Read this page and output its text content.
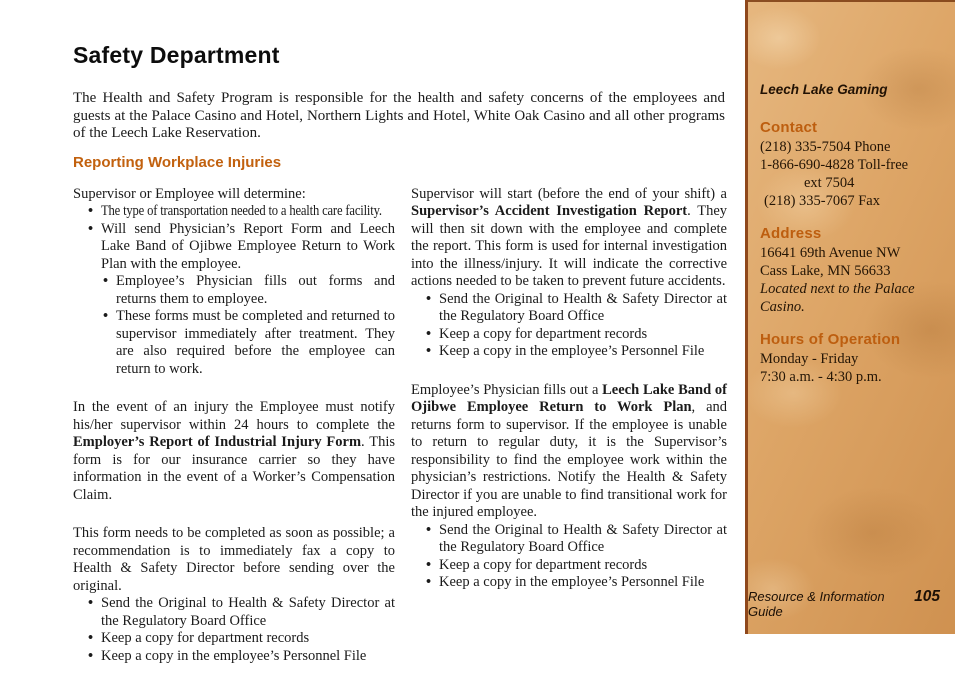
Safety Department

The Health and Safety Program is responsible for the health and safety concerns of the employees and guests at the Palace Casino and Hotel, Northern Lights and Hotel, White Oak Casino and all other programs of the Leech Lake Reservation.

Reporting Workplace Injuries

Supervisor or Employee will determine:

• The type of transportation needed to a health care facility.
• Will send Physician’s Report Form and Leech Lake Band of Ojibwe Employee Return to Work Plan with the employee.
• Employee’s Physician fills out forms and returns them to employee.
• These forms must be completed and returned to supervisor immediately after treatment. They are also required before the employee can return to work.

In the event of an injury the Employee must notify his/her supervisor within 24 hours to complete the Employer’s Report of Industrial Injury Form. This form is for our insurance carrier so they have information in the event of a Worker’s Compensation Claim.

This form needs to be completed as soon as possible; a recommendation is to immediately fax a copy to Health & Safety Director before sending over the original.

• Send the Original to Health & Safety Director at the Regulatory Board Office
• Keep a copy for department records
• Keep a copy in the employee’s Personnel File

Supervisor will start (before the end of your shift) a Supervisor’s Accident Investigation Report. They will then sit down with the employee and complete the report. This form is used for internal investigation into the illness/injury. It will indicate the corrective actions needed to be taken to prevent future accidents.

• Send the Original to Health & Safety Director at the Regulatory Board Office
• Keep a copy for department records
• Keep a copy in the employee’s Personnel File

Employee’s Physician fills out a Leech Lake Band of Ojibwe Employee Return to Work Plan, and returns form to supervisor. If the employee is unable to return to regular duty, it is the Supervisor’s responsibility to find the employee work within the physician’s restrictions. Notify the Health & Safety Director if you are unable to find transitional work for the injured employee.

• Send the Original to Health & Safety Director at the Regulatory Board Office
• Keep a copy for department records
• Keep a copy in the employee’s Personnel File
Leech Lake Gaming
Contact
(218) 335-7504 Phone
1-866-690-4828 Toll-free
ext 7504
(218) 335-7067 Fax
Address
16641 69th Avenue NW
Cass Lake, MN 56633
Located next to the Palace
Casino.
Hours of Operation
Monday - Friday
7:30 a.m. - 4:30 p.m.
Resource & Information Guide
105
